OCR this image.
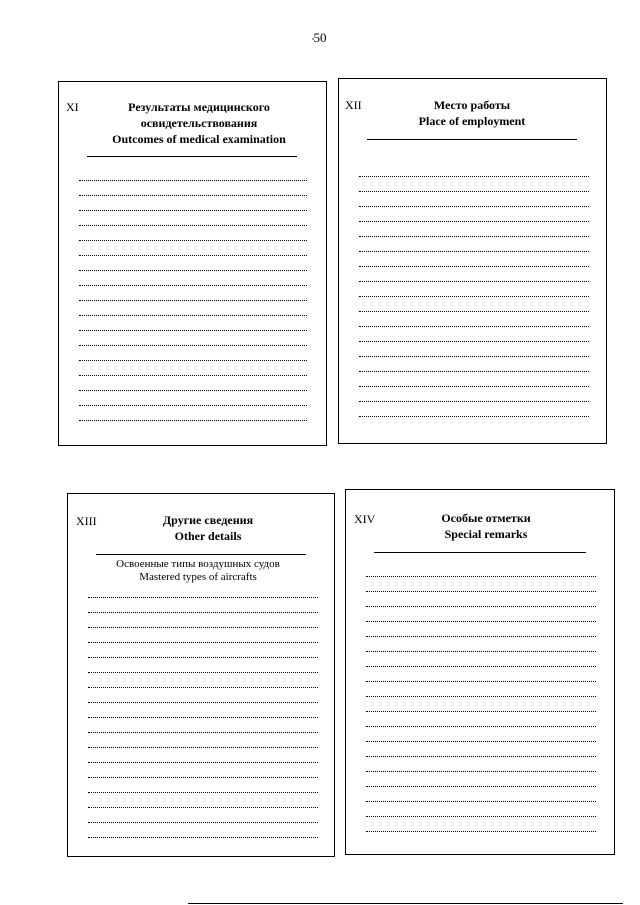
50
XI	Результаты медицинского
освидетельствования
Outcomes of medical examination
XII	Место работы
Place of employment
XIII	Другие сведения
Other details
Освоенные типы воздушных судов
Mastered types of aircrafts
XIV	Особые отметки
Special remarks
